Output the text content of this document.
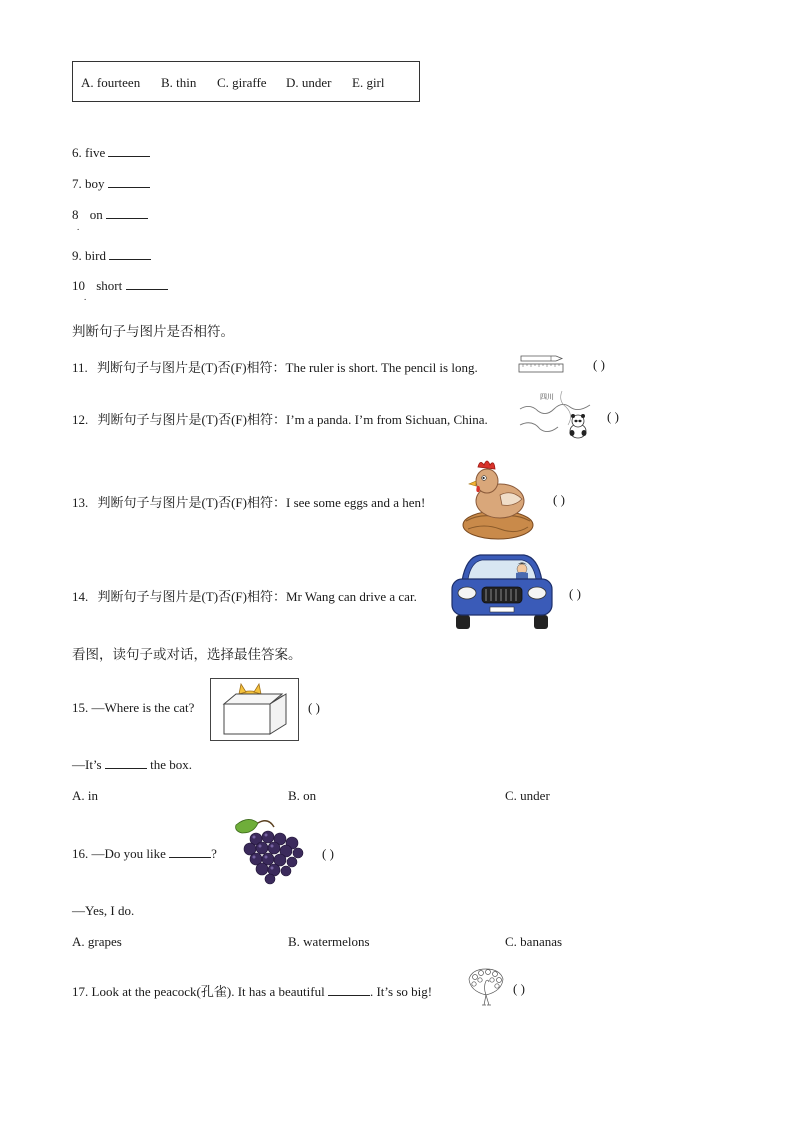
A. fourteen B. thin C. giraffe D. under E. girl
6. five
7. boy
8 on
.
9. bird
10 short
.
判断句子与图片是否相符。
11. 判断句子与图片是(T)否(F)相符：The ruler is short. The pencil is long.	( )
12. 判断句子与图片是(T)否(F)相符：I’m a panda. I’m from Sichuan, China.
四川
( )
13. 判断句子与图片是(T)否(F)相符：I see some eggs and a hen!	( )
14. 判断句子与图片是(T)否(F)相符：Mr Wang can drive a car.	( )
看图，读句子或对话，选择最佳答案。
15. —Where is the cat?	( )
—It’s	the box.
A. in	B. on	C. under
16. —Do you like	?	( )
—Yes, I do.
A. grapes	B. watermelons	C. bananas
17. Look at the peacock(孔雀). It has a beautiful	. It’s so big!	( )
